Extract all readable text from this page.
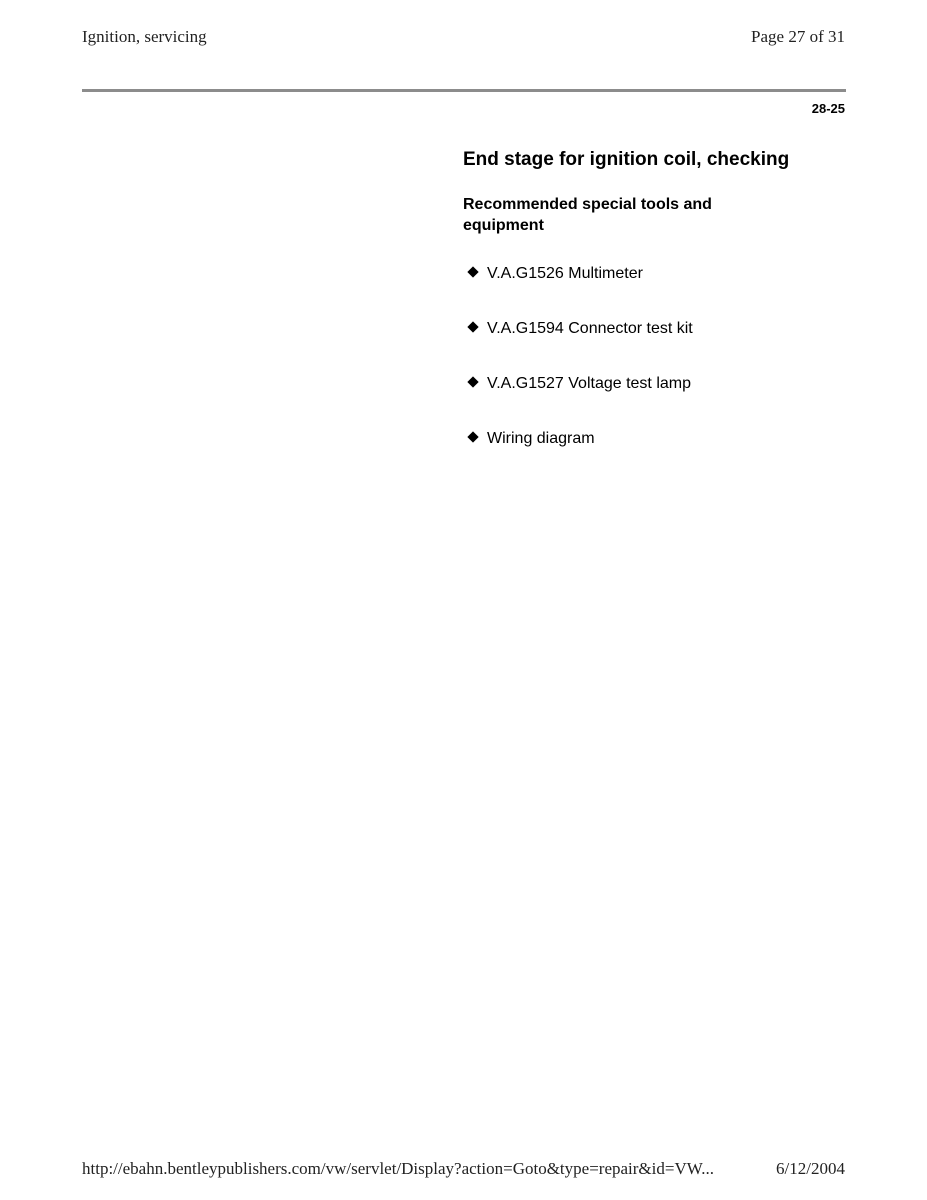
Ignition, servicing	Page 27 of 31
28-25
End stage for ignition coil, checking
Recommended special tools and equipment
V.A.G1526 Multimeter
V.A.G1594 Connector test kit
V.A.G1527 Voltage test lamp
Wiring diagram
http://ebahn.bentleypublishers.com/vw/servlet/Display?action=Goto&type=repair&id=VW...	6/12/2004
